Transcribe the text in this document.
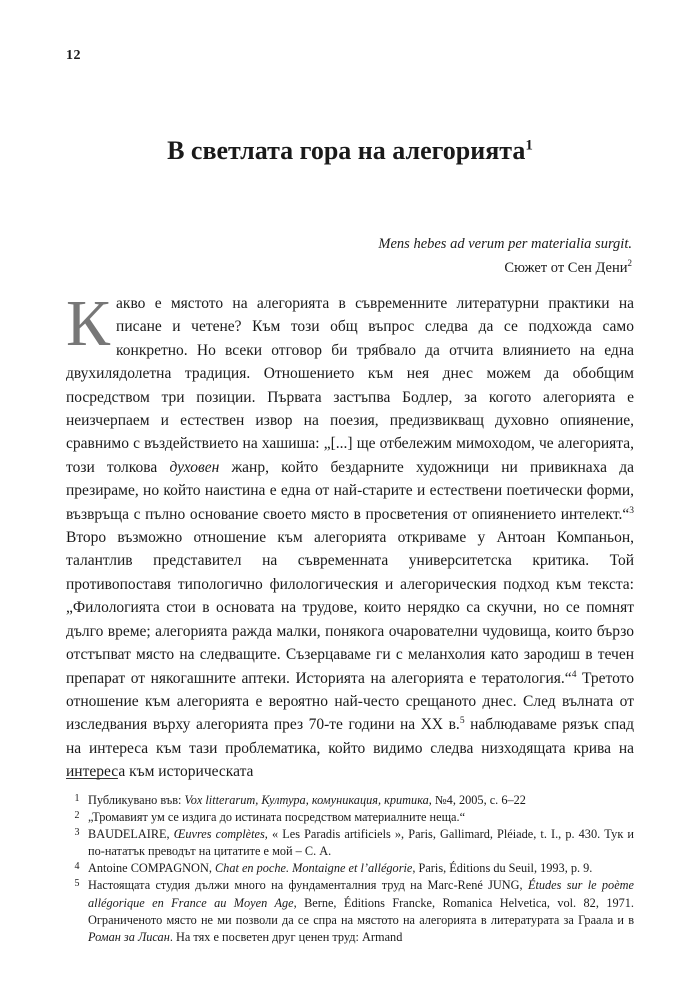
12
В светлата гора на алегорията$^1$
Mens hebes ad verum per materialia surgit.
Сюжет от Сен Дени$^2$

Какво е мястото на алегорията в съвременните литературни практики на писане и четене? Към този общ въпрос следва да се подхожда само конкретно. Но всеки отговор би трябвало да отчита влиянието на една двухилядолетна традиция. Отношението към нея днес можем да обобщим посредством три позиции. Първата застъпва Бодлер, за когото алегорията е неизчерпаем и естествен извор на поезия, предизвикващ духовно опиянение, сравнимо с въздействието на хашиша: „[...] ще отбележим мимоходом, че алегорията, този толкова духовен жанр, който бездарните художници ни привикнаха да презираме, но който наистина е една от най-старите и естествени поетически форми, възвръща с пълно основание своето място в просветения от опиянението интелект.“$^3$ Второ възможно отношение към алегорията откриваме у Антоан Компаньон, талантлив представител на съвременната университетска критика. Той противопоставя типологично филологическия и алегорическия подход към текста: „Филологията стои в основата на трудове, които нерядко са скучни, но се помнят дълго време; алегорията ражда малки, понякога очарователни чудовища, които бързо отстъпват място на следващите. Съзерцаваме ги с меланхолия като зародиш в течен препарат от някогашните аптеки. Историята на алегорията е тератология.“$^4$ Третото отношение към алегорията е вероятно най-често срещаното днес. След вълната от изследвания върху алегорията през 70-те години на XX в.$^5$ наблюдаваме рязък спад на интереса към тази проблематика, който видимо следва низходящата крива на интереса към историческата

1 Публикувано във: Vox litterarum, Култура, комуникация, критика, №4, 2005, с. 6–22
2 „Тромавият ум се издига до истината посредством материалните неща.“
3 BAUDELAIRE, Œuvres complètes, « Les Paradis artificiels », Paris, Gallimard, Pléiade, t. I., p. 430. Тук и по-нататък преводът на цитатите е мой – С. А.
4 Antoine COMPAGNON, Chat en poche. Montaigne et l’allégorie, Paris, Éditions du Seuil, 1993, p. 9.
5 Настоящата студия дължи много на фундаменталния труд на Marc-René JUNG, Études sur le poème allégorique en France au Moyen Age, Berne, Éditions Francke, Romanica Helvetica, vol. 82, 1971. Ограниченото място не ми позволи да се спра на мястото на алегорията в литературата за Граала и в Роман за Лисан. На тях е посветен друг ценен труд: Armand
